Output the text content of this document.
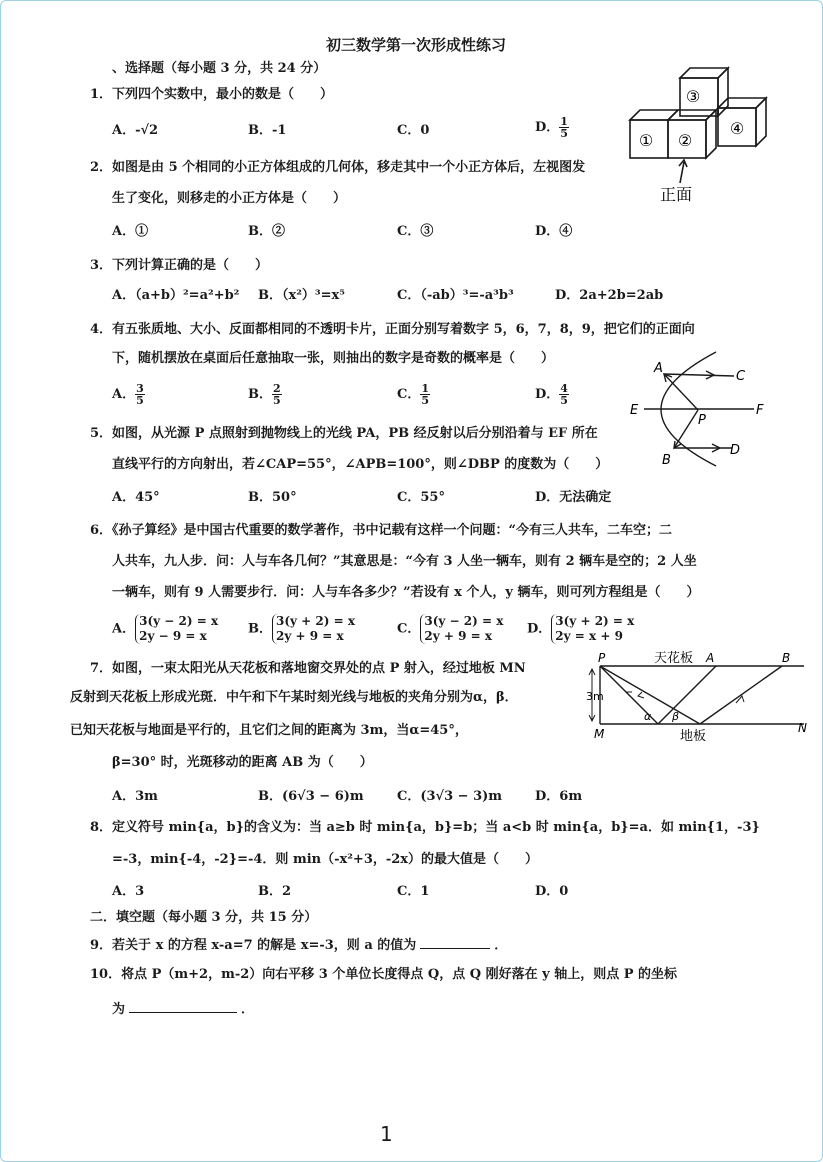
初三数学第一次形成性练习
、选择题（每小题 3 分，共 24 分）
1．下列四个实数中，最小的数是（　　）
A．-√2	B．-1	C．0	D． $\frac{1}{5}$
2．如图是由 5 个相同的小正方体组成的几何体，移走其中一个小正方体后，左视图发
生了变化，则移走的小正方体是（　　）
A．①	B．②	C．③	D．④
③
④
① ②
正面
3．下列计算正确的是（　　）
A．（a+b）²=a²+b² B．（x²）³=x⁵	C．（-ab）³=-a³b³	D．2a+2b=2ab
4．有五张质地、大小、反面都相同的不透明卡片，正面分别写着数字 5，6，7，8，9，把它们的正面向
下，随机摆放在桌面后任意抽取一张，则抽出的数字是奇数的概率是（　　）
A． $\frac{3}{5}$	B． $\frac{2}{5}$	C． $\frac{1}{5}$	D． $\frac{4}{5}$
A
C
E
P
F
D
B
5．如图，从光源 P 点照射到抛物线上的光线 PA，PB 经反射以后分别沿着与 EF 所在
直线平行的方向射出，若∠CAP=55°，∠APB=100°，则∠DBP 的度数为（　　）
A．45°	B．50°	C．55°	D．无法确定
6．《孙子算经》是中国古代重要的数学著作，书中记载有这样一个问题：“今有三人共车，二车空；二
人共车，九人步．问：人与车各几何？”其意思是：“今有 3 人坐一辆车，则有 2 辆车是空的；2 人坐
一辆车，则有 9 人需要步行．问：人与车各多少？”若设有 x 个人，y 辆车，则可列方程组是（　　）
A．
3(y − 2) = x
2y − 9 = x	B．
3(y + 2) = x
2y + 9 = x	C．
3(y − 2) = x
2y + 9 = x	D．
3(y + 2) = x
2y = x + 9
7．如图，一束太阳光从天花板和落地窗交界处的点 P 射入，经过地板 MN
反射到天花板上形成光斑．中午和下午某时刻光线与地板的夹角分别为α，β．
已知天花板与地面是平行的，且它们之间的距离为 3m，当α=45°，
β=30° 时，光斑移动的距离 AB 为（　　）
A．3m	B．(6√3 − 6)m	C．(3√3 − 3)m	D．6m
P	天花板 A	B
3m
α β
M	地板
N
8．定义符号 min{a，b}的含义为：当 a≥b 时 min{a，b}=b；当 a<b 时 min{a，b}=a．如 min{1，-3}
=-3，min{-4，-2}=-4．则 min（-x²+3，-2x）的最大值是（　　）
A．3	B．2	C．1	D．0
二．填空题（每小题 3 分，共 15 分）
9．若关于 x 的方程 x-a=7 的解是 x=-3，则 a 的值为	．
10．将点 P（m+2，m-2）向右平移 3 个单位长度得点 Q，点 Q 刚好落在 y 轴上，则点 P 的坐标
为	．
1
